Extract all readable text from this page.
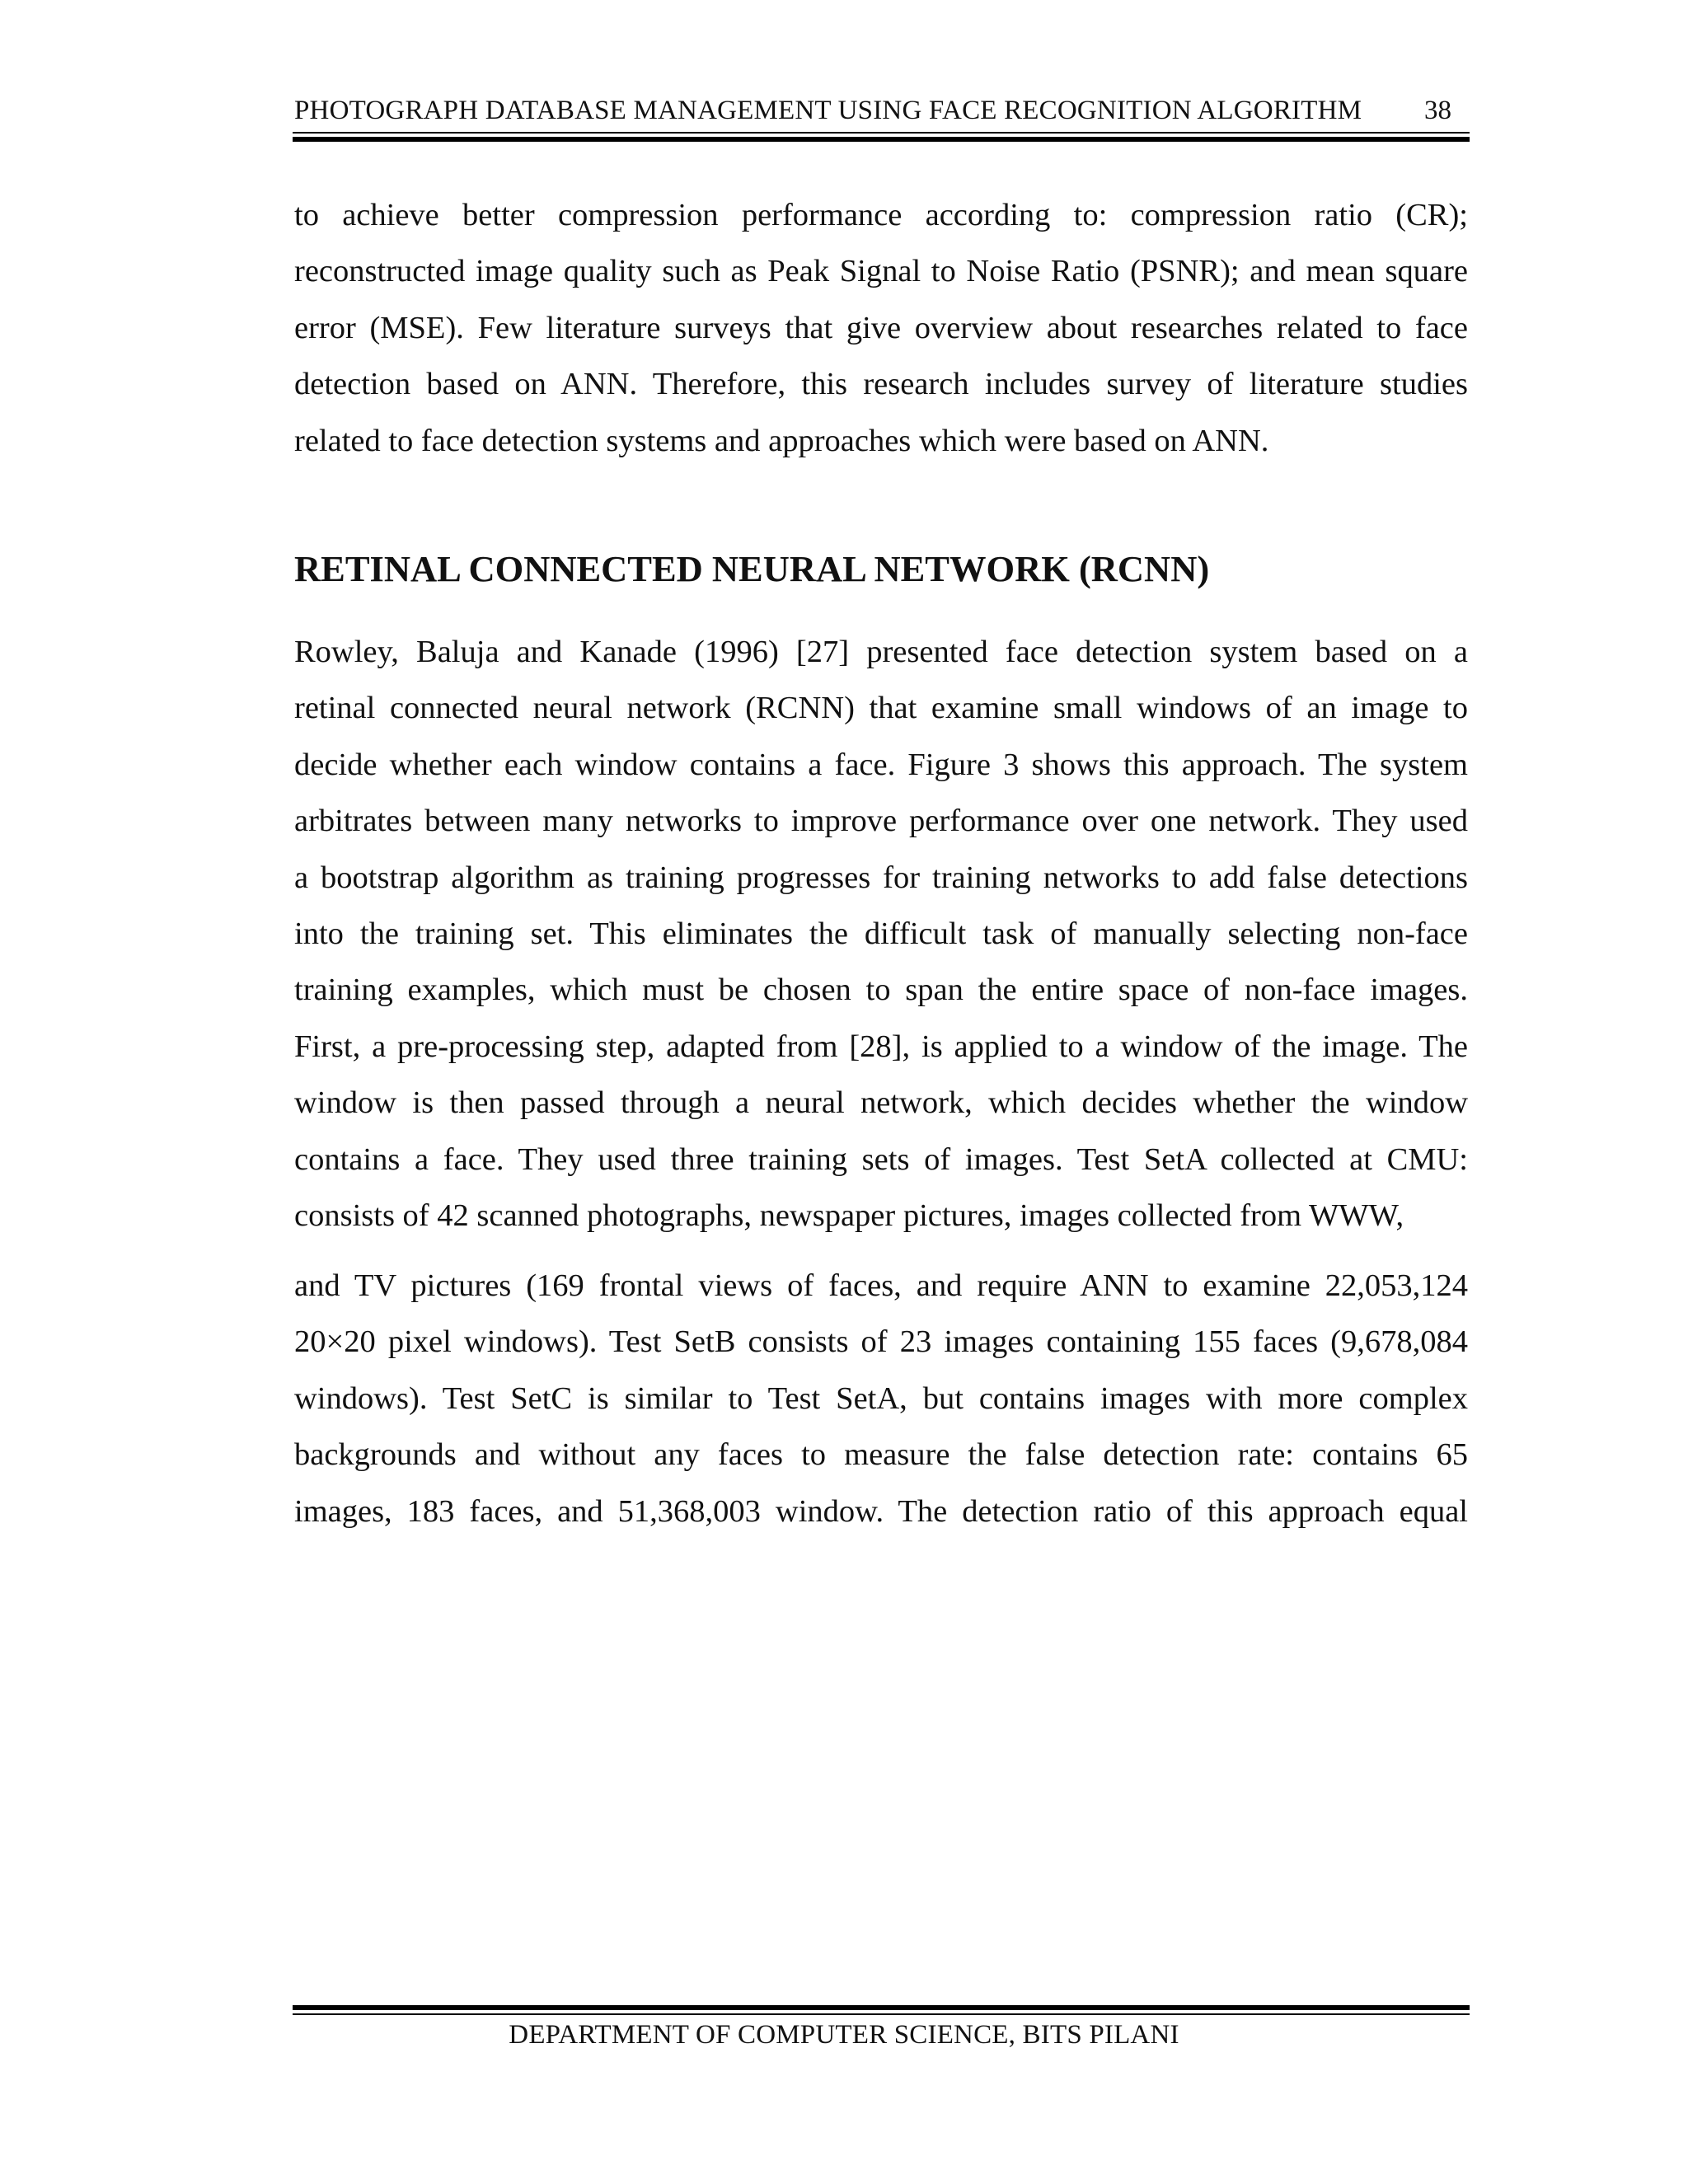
PHOTOGRAPH DATABASE MANAGEMENT USING FACE RECOGNITION ALGORITHM 38
to achieve better compression performance according to: compression ratio (CR);
reconstructed image quality such as Peak Signal to Noise Ratio (PSNR); and mean square
error (MSE). Few literature surveys that give overview about researches related to face
detection based on ANN. Therefore, this research includes survey of literature studies
related to face detection systems and approaches which were based on ANN.
RETINAL CONNECTED NEURAL NETWORK (RCNN)
Rowley, Baluja and Kanade (1996) [27] presented face detection system based on a
retinal connected neural network (RCNN) that examine small windows of an image to
decide whether each window contains a face. Figure 3 shows this approach. The system
arbitrates between many networks to improve performance over one network. They used
a bootstrap algorithm as training progresses for training networks to add false detections
into the training set. This eliminates the difficult task of manually selecting non-face
training examples, which must be chosen to span the entire space of non-face images.
First, a pre-processing step, adapted from [28], is applied to a window of the image. The
window is then passed through a neural network, which decides whether the window
contains a face. They used three training sets of images. Test SetA collected at CMU:
consists of 42 scanned photographs, newspaper pictures, images collected from WWW,
and TV pictures (169 frontal views of faces, and require ANN to examine 22,053,124
20×20 pixel windows). Test SetB consists of 23 images containing 155 faces (9,678,084
windows). Test SetC is similar to Test SetA, but contains images with more complex
backgrounds and without any faces to measure the false detection rate: contains 65
images, 183 faces, and 51,368,003 window. The detection ratio of this approach equal
DEPARTMENT OF COMPUTER SCIENCE, BITS PILANI
